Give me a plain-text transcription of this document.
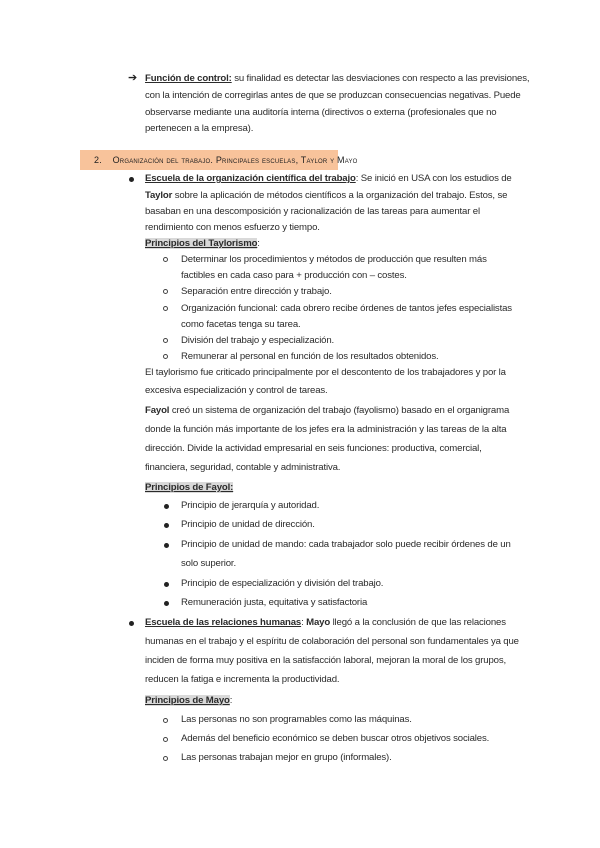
➔ Función de control: su finalidad es detectar las desviaciones con respecto a las previsiones,
con la intención de corregirlas antes de que se produzcan consecuencias negativas. Puede
observarse mediante una auditoría interna (directivos o externa (profesionales que no
pertenecen a la empresa).
2. Organización del trabajo. Principales escuelas, Taylor y Mayo
Escuela de la organización científica del trabajo: Se inició en USA con los estudios de
Taylor sobre la aplicación de métodos científicos a la organización del trabajo. Estos, se
basaban en una descomposición y racionalización de las tareas para aumentar el
rendimiento con menos esfuerzo y tiempo.
Principios del Taylorismo:
Determinar los procedimientos y métodos de producción que resulten más
factibles en cada caso para + producción con – costes.
Separación entre dirección y trabajo.
Organización funcional: cada obrero recibe órdenes de tantos jefes especialistas
como facetas tenga su tarea.
División del trabajo y especialización.
Remunerar al personal en función de los resultados obtenidos.
El taylorismo fue criticado principalmente por el descontento de los trabajadores y por la
excesiva especialización y control de tareas.
Fayol creó un sistema de organización del trabajo (fayolismo) basado en el organigrama
donde la función más importante de los jefes era la administración y las tareas de la alta
dirección. Divide la actividad empresarial en seis funciones: productiva, comercial,
financiera, seguridad, contable y administrativa.
Principios de Fayol:
Principio de jerarquía y autoridad.
Principio de unidad de dirección.
Principio de unidad de mando: cada trabajador solo puede recibir órdenes de un
solo superior.
Principio de especialización y división del trabajo.
Remuneración justa, equitativa y satisfactoria
Escuela de las relaciones humanas: Mayo llegó a la conclusión de que las relaciones
humanas en el trabajo y el espíritu de colaboración del personal son fundamentales ya que
inciden de forma muy positiva en la satisfacción laboral, mejoran la moral de los grupos,
reducen la fatiga e incrementa la productividad.
Principios de Mayo:
Las personas no son programables como las máquinas.
Además del beneficio económico se deben buscar otros objetivos sociales.
Las personas trabajan mejor en grupo (informales).
